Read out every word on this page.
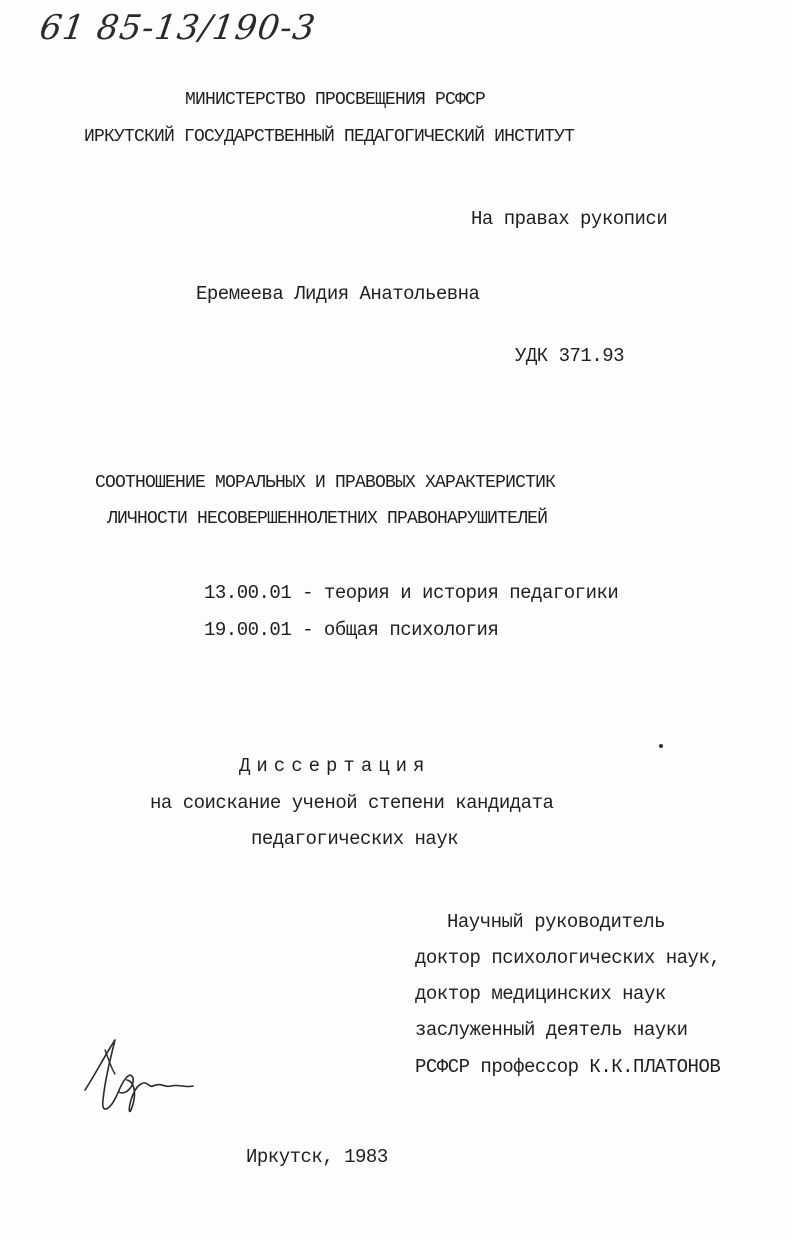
61 85-13/190-3
МИНИСТЕРСТВО ПРОСВЕЩЕНИЯ РСФСР
ИРКУТСКИЙ ГОСУДАРСТВЕННЫЙ ПЕДАГОГИЧЕСКИЙ ИНСТИТУТ
На правах рукописи
Еремеева Лидия Анатольевна
УДК 371.93
СООТНОШЕНИЕ МОРАЛЬНЫХ И ПРАВОВЫХ ХАРАКТЕРИСТИК
ЛИЧНОСТИ НЕСОВЕРШЕННОЛЕТНИХ ПРАВОНАРУШИТЕЛЕЙ
13.00.01 - теория и история педагогики
19.00.01 - общая психология
Диссертация
на соискание ученой степени кандидата
педагогических наук
Научный руководитель
доктор психологических наук,
доктор медицинских наук
заслуженный деятель науки
РСФСР профессор К.К.ПЛАТОНОВ
Иркутск, 1983
